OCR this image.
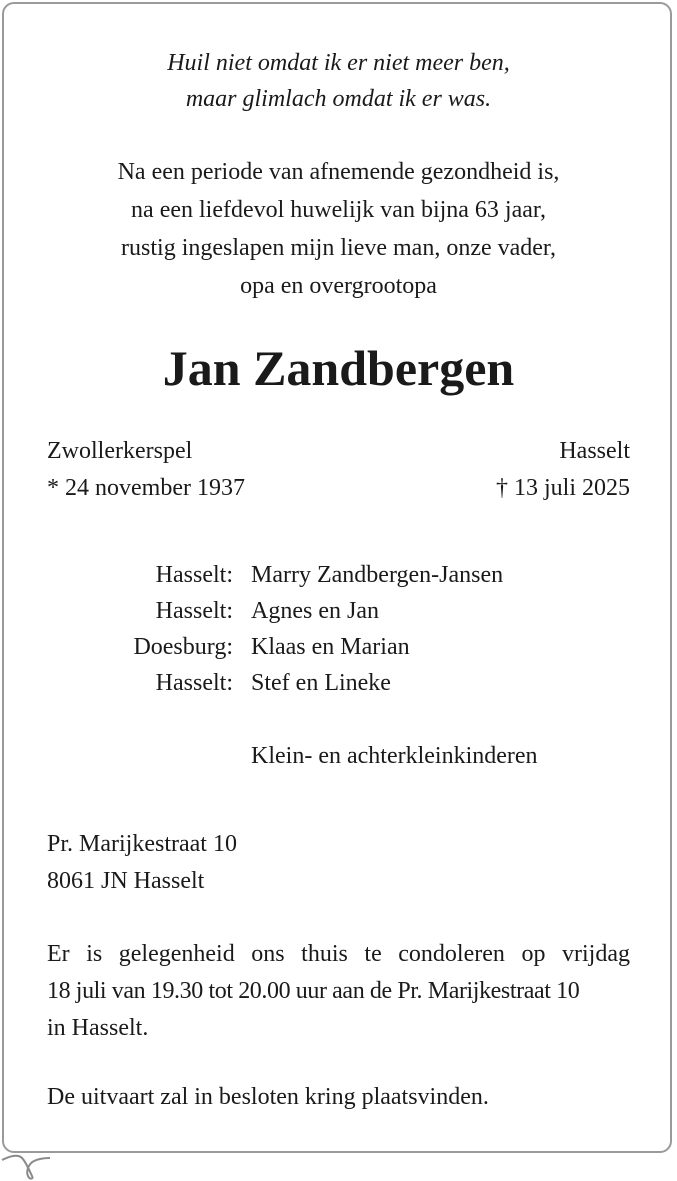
Huil niet omdat ik er niet meer ben,
maar glimlach omdat ik er was.
Na een periode van afnemende gezondheid is,
na een liefdevol huwelijk van bijna 63 jaar,
rustig ingeslapen mijn lieve man, onze vader,
opa en overgrootopa
Jan Zandbergen
Zwollerkerspel
* 24 november 1937
Hasselt
† 13 juli 2025
Hasselt: Marry Zandbergen-Jansen
Hasselt: Agnes en Jan
Doesburg: Klaas en Marian
Hasselt: Stef en Lineke
Klein- en achterkleinkinderen
Pr. Marijkestraat 10
8061 JN Hasselt
Er is gelegenheid ons thuis te condoleren op vrijdag
18 juli van 19.30 tot 20.00 uur aan de Pr. Marijkestraat 10
in Hasselt.
De uitvaart zal in besloten kring plaatsvinden.
